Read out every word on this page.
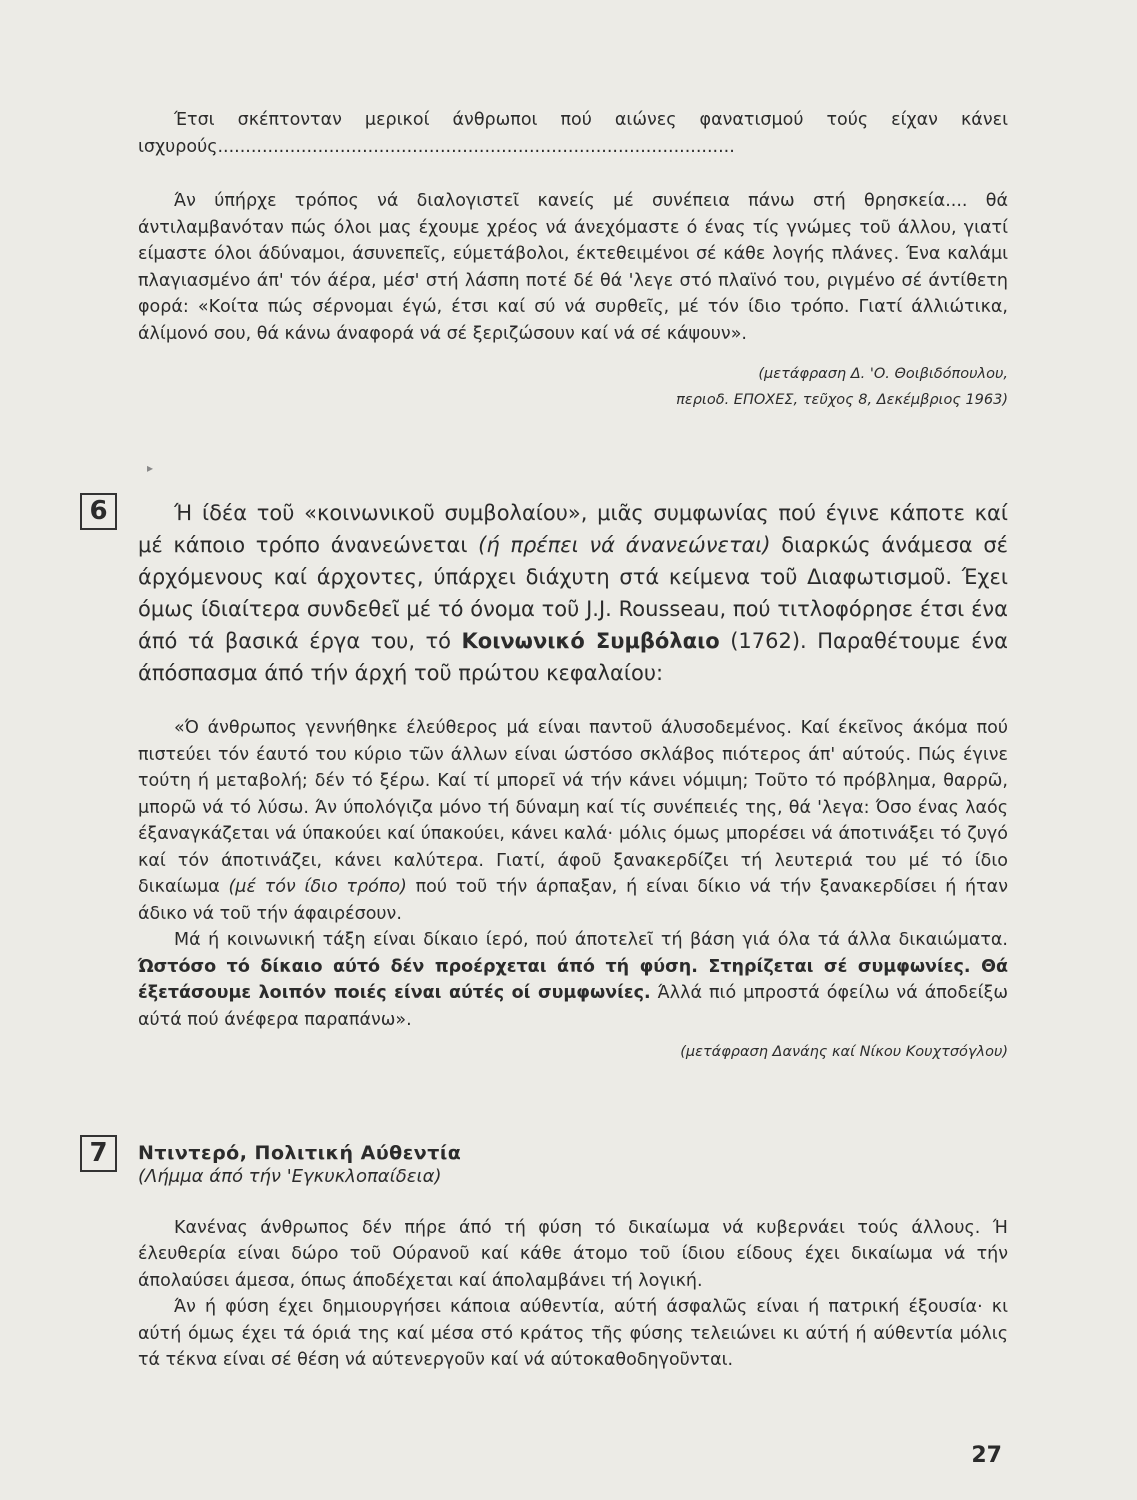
Έτσι σκέπτονταν μερικοί άνθρωποι πού αιώνες φανατισμού τούς είχαν κάνει ισχυρούς.............................................................................................

Άν ύπήρχε τρόπος νά διαλογιστεῖ κανείς μέ συνέπεια πάνω στή θρησκεία.... θά άντιλαμβανόταν πώς όλοι μας έχουμε χρέος νά άνεχόμαστε ό ένας τίς γνώμες τοῦ άλλου, γιατί είμαστε όλοι άδύναμοι, άσυνεπεῖς, εύμετάβολοι, έκτεθειμένοι σέ κάθε λογής πλάνες. Ένα καλάμι πλαγιασμένο άπ' τόν άέρα, μέσ' στή λάσπη ποτέ δέ θά 'λεγε στό πλαϊνό του, ριγμένο σέ άντίθετη φορά: «Κοίτα πώς σέρνομαι έγώ, έτσι καί σύ νά συρθεῖς, μέ τόν ίδιο τρόπο. Γιατί άλλιώτικα, άλίμονό σου, θά κάνω άναφορά νά σέ ξεριζώσουν καί νά σέ κάψουν».

(μετάφραση Δ. 'Ο. Θοιβιδόπουλου,

περιοδ. ΕΠΟΧΕΣ, τεῦχος 8, Δεκέμβριος 1963)

▸
6	Ή ίδέα τοῦ «κοινωνικοῦ συμβολαίου», μιᾶς συμφωνίας πού έγινε κάποτε καί μέ κάποιο τρόπο άνανεώνεται (ή πρέπει νά άνανεώνεται) διαρκώς άνάμεσα σέ άρχόμενους καί άρχοντες, ύπάρχει διάχυτη στά κείμενα τοῦ Διαφωτισμοῦ. Έχει όμως ίδιαίτερα συνδεθεῖ μέ τό όνομα τοῦ J.J. Rousseau, πού τιτλοφόρησε έτσι ένα άπό τά βασικά έργα του, τό Κοινωνικό Συμβόλαιο (1762). Παραθέτουμε ένα άπόσπασμα άπό τήν άρχή τοῦ πρώτου κεφαλαίου:

«Ό άνθρωπος γεννήθηκε έλεύθερος μά είναι παντοῦ άλυσοδεμένος. Καί έκεῖνος άκόμα πού πιστεύει τόν έαυτό του κύριο τῶν άλλων είναι ώστόσο σκλάβος πιότερος άπ' αύτούς. Πώς έγινε τούτη ή μεταβολή; δέν τό ξέρω. Καί τί μπορεῖ νά τήν κάνει νόμιμη; Τοῦτο τό πρόβλημα, θαρρῶ, μπορῶ νά τό λύσω. Άν ύπολόγιζα μόνο τή δύναμη καί τίς συνέπειές της, θά 'λεγα: Όσο ένας λαός έξαναγκάζεται νά ύπακούει καί ύπακούει, κάνει καλά· μόλις όμως μπορέσει νά άποτινάξει τό ζυγό καί τόν άποτινάζει, κάνει καλύτερα. Γιατί, άφοῦ ξανακερδίζει τή λευτεριά του μέ τό ίδιο δικαίωμα (μέ τόν ίδιο τρόπο) πού τοῦ τήν άρπαξαν, ή είναι δίκιο νά τήν ξανακερδίσει ή ήταν άδικο νά τοῦ τήν άφαιρέσουν.

Μά ή κοινωνική τάξη είναι δίκαιο ίερό, πού άποτελεῖ τή βάση γιά όλα τά άλλα δικαιώματα. Ώστόσο τό δίκαιο αύτό δέν προέρχεται άπό τή φύση. Στηρίζεται σέ συμφωνίες. Θά έξετάσουμε λοιπόν ποιές είναι αύτές οί συμφωνίες. Άλλά πιό μπροστά όφείλω νά άποδείξω αύτά πού άνέφερα παραπάνω».

(μετάφραση Δανάης καί Νίκου Κουχτσόγλου)

7	Ντιντερό, Πολιτική Αύθεντία

(Λήμμα άπό τήν 'Εγκυκλοπαίδεια)

Κανένας άνθρωπος δέν πήρε άπό τή φύση τό δικαίωμα νά κυβερνάει τούς άλλους. Ή έλευθερία είναι δώρο τοῦ Ούρανοῦ καί κάθε άτομο τοῦ ίδιου είδους έχει δικαίωμα νά τήν άπολαύσει άμεσα, όπως άποδέχεται καί άπολαμβάνει τή λογική.

Άν ή φύση έχει δημιουργήσει κάποια αύθεντία, αύτή άσφαλῶς είναι ή πατρική έξουσία· κι αύτή όμως έχει τά όριά της καί μέσα στό κράτος τῆς φύσης τελειώνει κι αύτή ή αύθεντία μόλις τά τέκνα είναι σέ θέση νά αύτενεργοῦν καί νά αύτοκαθοδηγοῦνται.

27
